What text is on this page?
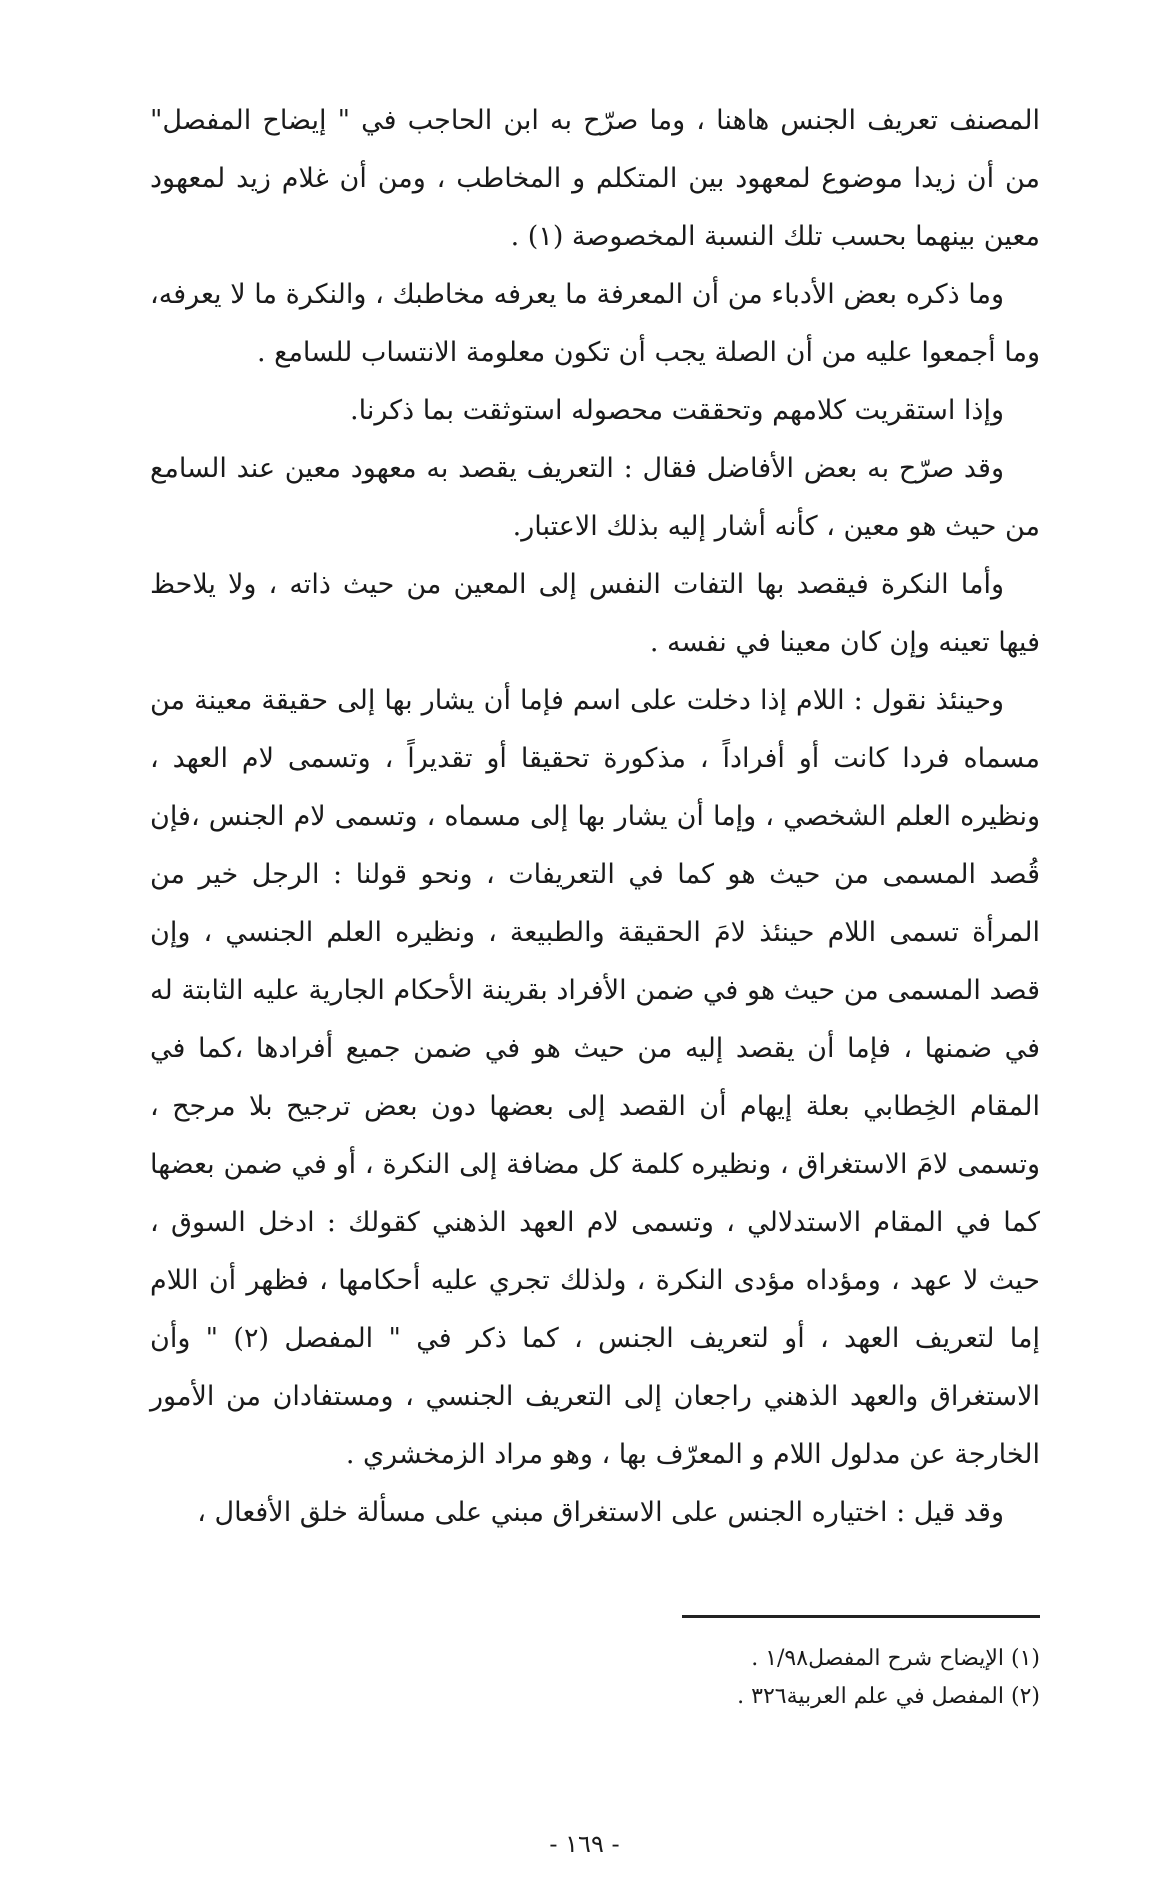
المصنف تعريف الجنس هاهنا ، وما صرّح به ابن الحاجب في " إيضاح المفصل" من أن زيدا موضوع لمعهود بين المتكلم و المخاطب ، ومن أن غلام زيد لمعهود معين بينهما بحسب تلك النسبة المخصوصة (١) .

وما ذكره بعض الأدباء من أن المعرفة ما يعرفه مخاطبك ، والنكرة ما لا يعرفه، وما أجمعوا عليه من أن الصلة يجب أن تكون معلومة الانتساب للسامع .

وإذا استقريت كلامهم وتحققت محصوله استوثقت بما ذكرنا.

وقد صرّح به بعض الأفاضل فقال : التعريف يقصد به معهود معين عند السامع من حيث هو معين ، كأنه أشار إليه بذلك الاعتبار.

وأما النكرة فيقصد بها التفات النفس إلى المعين من حيث ذاته ، ولا يلاحظ فيها تعينه وإن كان معينا في نفسه .

وحينئذ نقول : اللام إذا دخلت على اسم فإما أن يشار بها إلى حقيقة معينة من مسماه فردا كانت أو أفراداً ، مذكورة تحقيقا أو تقديراً ، وتسمى لام العهد ، ونظيره العلم الشخصي ، وإما أن يشار بها إلى مسماه ، وتسمى لام الجنس ،فإن قُصد المسمى من حيث هو كما في التعريفات ، ونحو قولنا : الرجل خير من المرأة تسمى اللام حينئذ لامَ الحقيقة والطبيعة ، ونظيره العلم الجنسي ، وإن قصد المسمى من حيث هو في ضمن الأفراد بقرينة الأحكام الجارية عليه الثابتة له في ضمنها ، فإما أن يقصد إليه من حيث هو في ضمن جميع أفرادها ،كما في المقام الخِطابي بعلة إيهام أن القصد إلى بعضها دون بعض ترجيح بلا مرجح ، وتسمى لامَ الاستغراق ، ونظيره كلمة كل مضافة إلى النكرة ، أو في ضمن بعضها كما في المقام الاستدلالي ، وتسمى لام العهد الذهني كقولك : ادخل السوق ، حيث لا عهد ، ومؤداه مؤدى النكرة ، ولذلك تجري عليه أحكامها ، فظهر أن اللام إما لتعريف العهد ، أو لتعريف الجنس ، كما ذكر في " المفصل (٢) " وأن الاستغراق والعهد الذهني راجعان إلى التعريف الجنسي ، ومستفادان من الأمور الخارجة عن مدلول اللام و المعرّف بها ، وهو مراد الزمخشري .

وقد قيل : اختياره الجنس على الاستغراق مبني على مسألة خلق الأفعال ،

(١) الإيضاح شرح المفصل١/٩٨ .
(٢) المفصل في علم العربية٣٢٦ .
- ١٦٩ -
